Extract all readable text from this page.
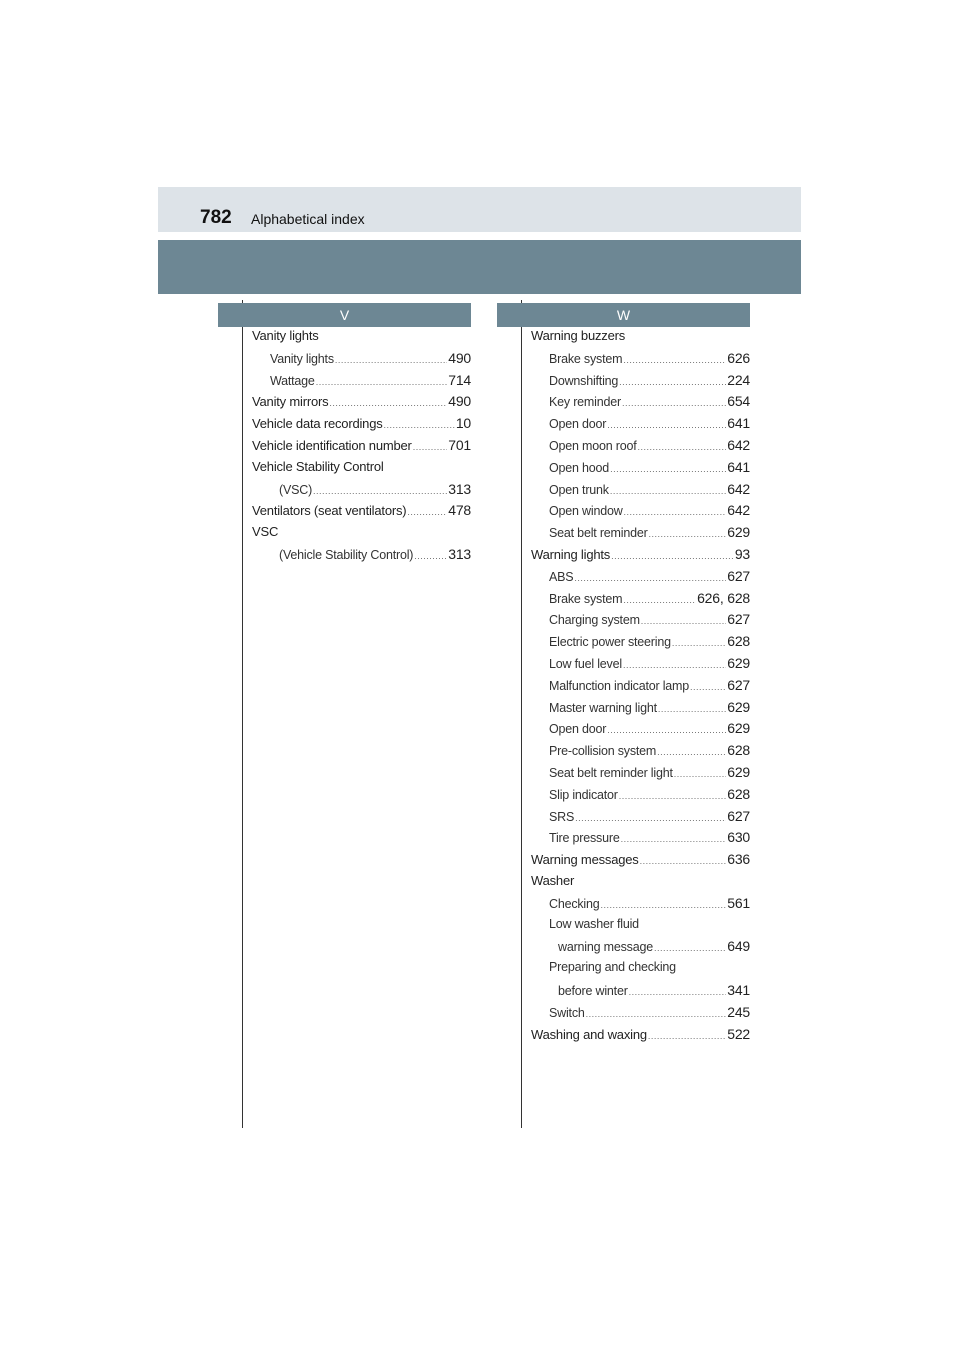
782 Alphabetical index
V	W
Vanity lights
Vanity lights .....	490
Wattage .....	714
Vanity mirrors .....	490
Vehicle data recordings .....	10
Vehicle identification number .....	701
Vehicle Stability Control
(VSC) .....	313
Ventilators (seat ventilators) .....	478
VSC
(Vehicle Stability Control) ..... 313
Warning buzzers
Brake system .....	626
Downshifting .....	224
Key reminder .....	654
Open door .....	641
Open moon roof .....	642
Open hood .....	641
Open trunk .....	642
Open window .....	642
Seat belt reminder .....	629
Warning lights .....	93
ABS .....	627
Brake system .....	626, 628
Charging system .....	627
Electric power steering .....	628
Low fuel level .....	629
Malfunction indicator lamp .....	627
Master warning light .....	629
Open door .....	629
Pre-collision system .....	628
Seat belt reminder light .....	629
Slip indicator .....	628
SRS .....	627
Tire pressure .....	630
Warning messages .....	636
Washer
Checking .....	561
Low washer fluid
warning message .....	649
Preparing and checking
before winter .....	341
Switch .....	245
Washing and waxing .....	522
